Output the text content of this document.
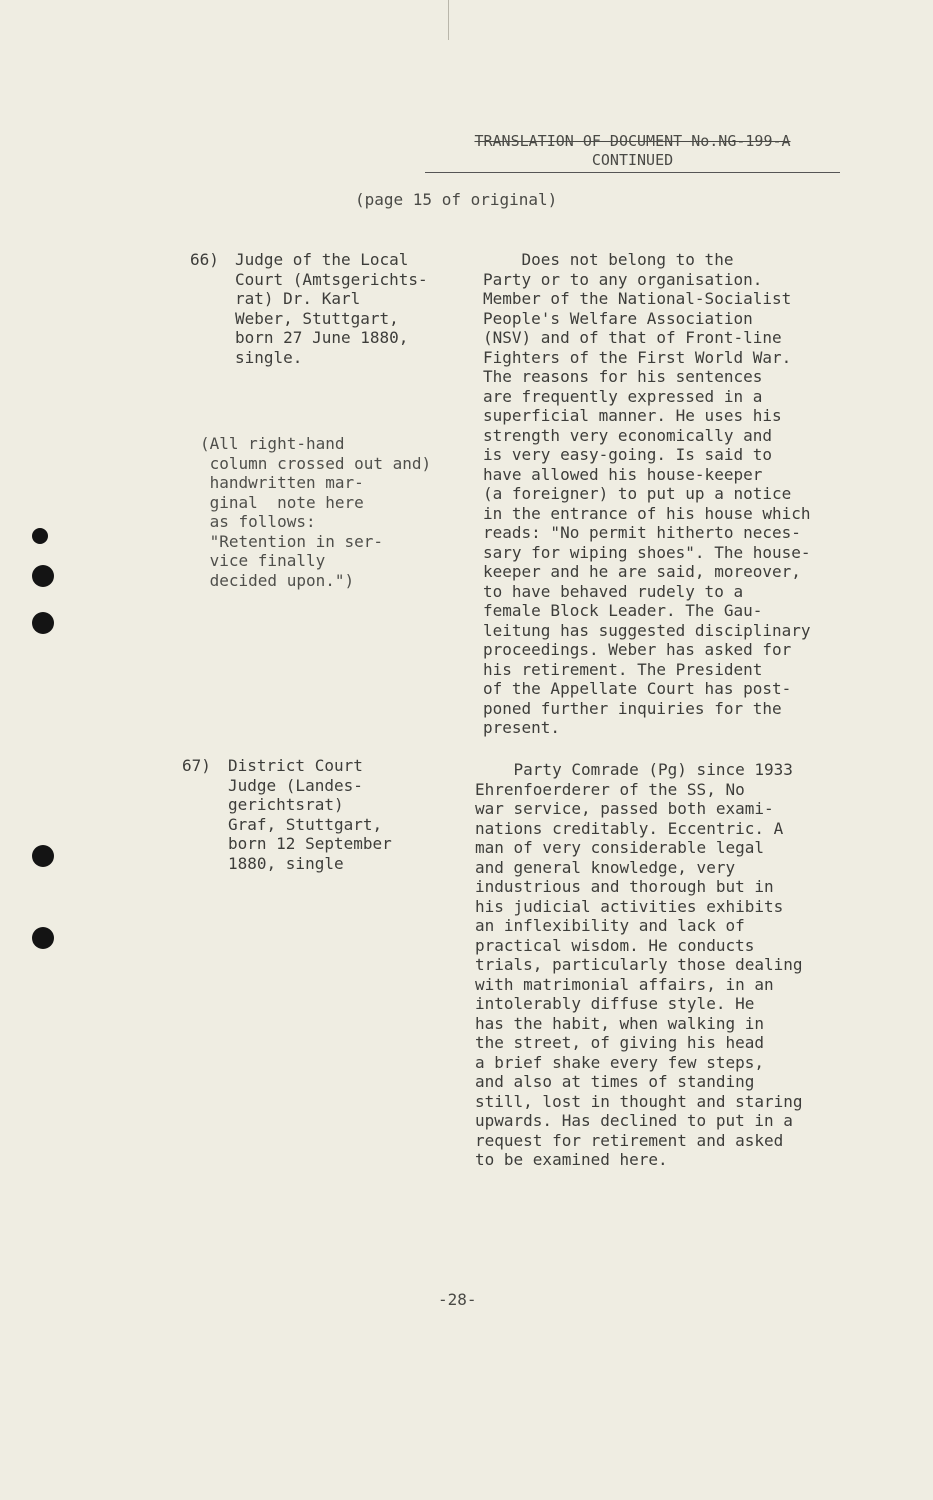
TRANSLATION OF DOCUMENT No.NG-199-A
CONTINUED
(page 15 of original)
66) Judge of the Local
Court (Amtsgerichts-
rat) Dr. Karl
Weber, Stuttgart,
born 27 June 1880,
single.
Does not belong to the
Party or to any organisation.
Member of the National-Socialist
People's Welfare Association
(NSV) and of that of Front-line
Fighters of the First World War.
The reasons for his sentences
are frequently expressed in a
superficial manner. He uses his
strength very economically and
is very easy-going. Is said to
have allowed his house-keeper
(a foreigner) to put up a notice
in the entrance of his house which
reads: "No permit hitherto neces-
sary for wiping shoes". The house-
keeper and he are said, moreover,
to have behaved rudely to a
female Block Leader. The Gau-
leitung has suggested disciplinary
proceedings. Weber has asked for
his retirement. The President
of the Appellate Court has post-
poned further inquiries for the
present.
(All right-hand
column crossed out and)
handwritten mar-
ginal  note here
as follows:
"Retention in ser-
vice finally
decided upon.")
67) District Court
Judge (Landes-
gerichtsrat)
Graf, Stuttgart,
born 12 September
1880, single
Party Comrade (Pg) since 1933
Ehrenfoerderer of the SS, No
war service, passed both exami-
nations creditably. Eccentric. A
man of very considerable legal
and general knowledge, very
industrious and thorough but in
his judicial activities exhibits
an inflexibility and lack of
practical wisdom. He conducts
trials, particularly those dealing
with matrimonial affairs, in an
intolerably diffuse style. He
has the habit, when walking in
the street, of giving his head
a brief shake every few steps,
and also at times of standing
still, lost in thought and staring
upwards. Has declined to put in a
request for retirement and asked
to be examined here.
-28-
